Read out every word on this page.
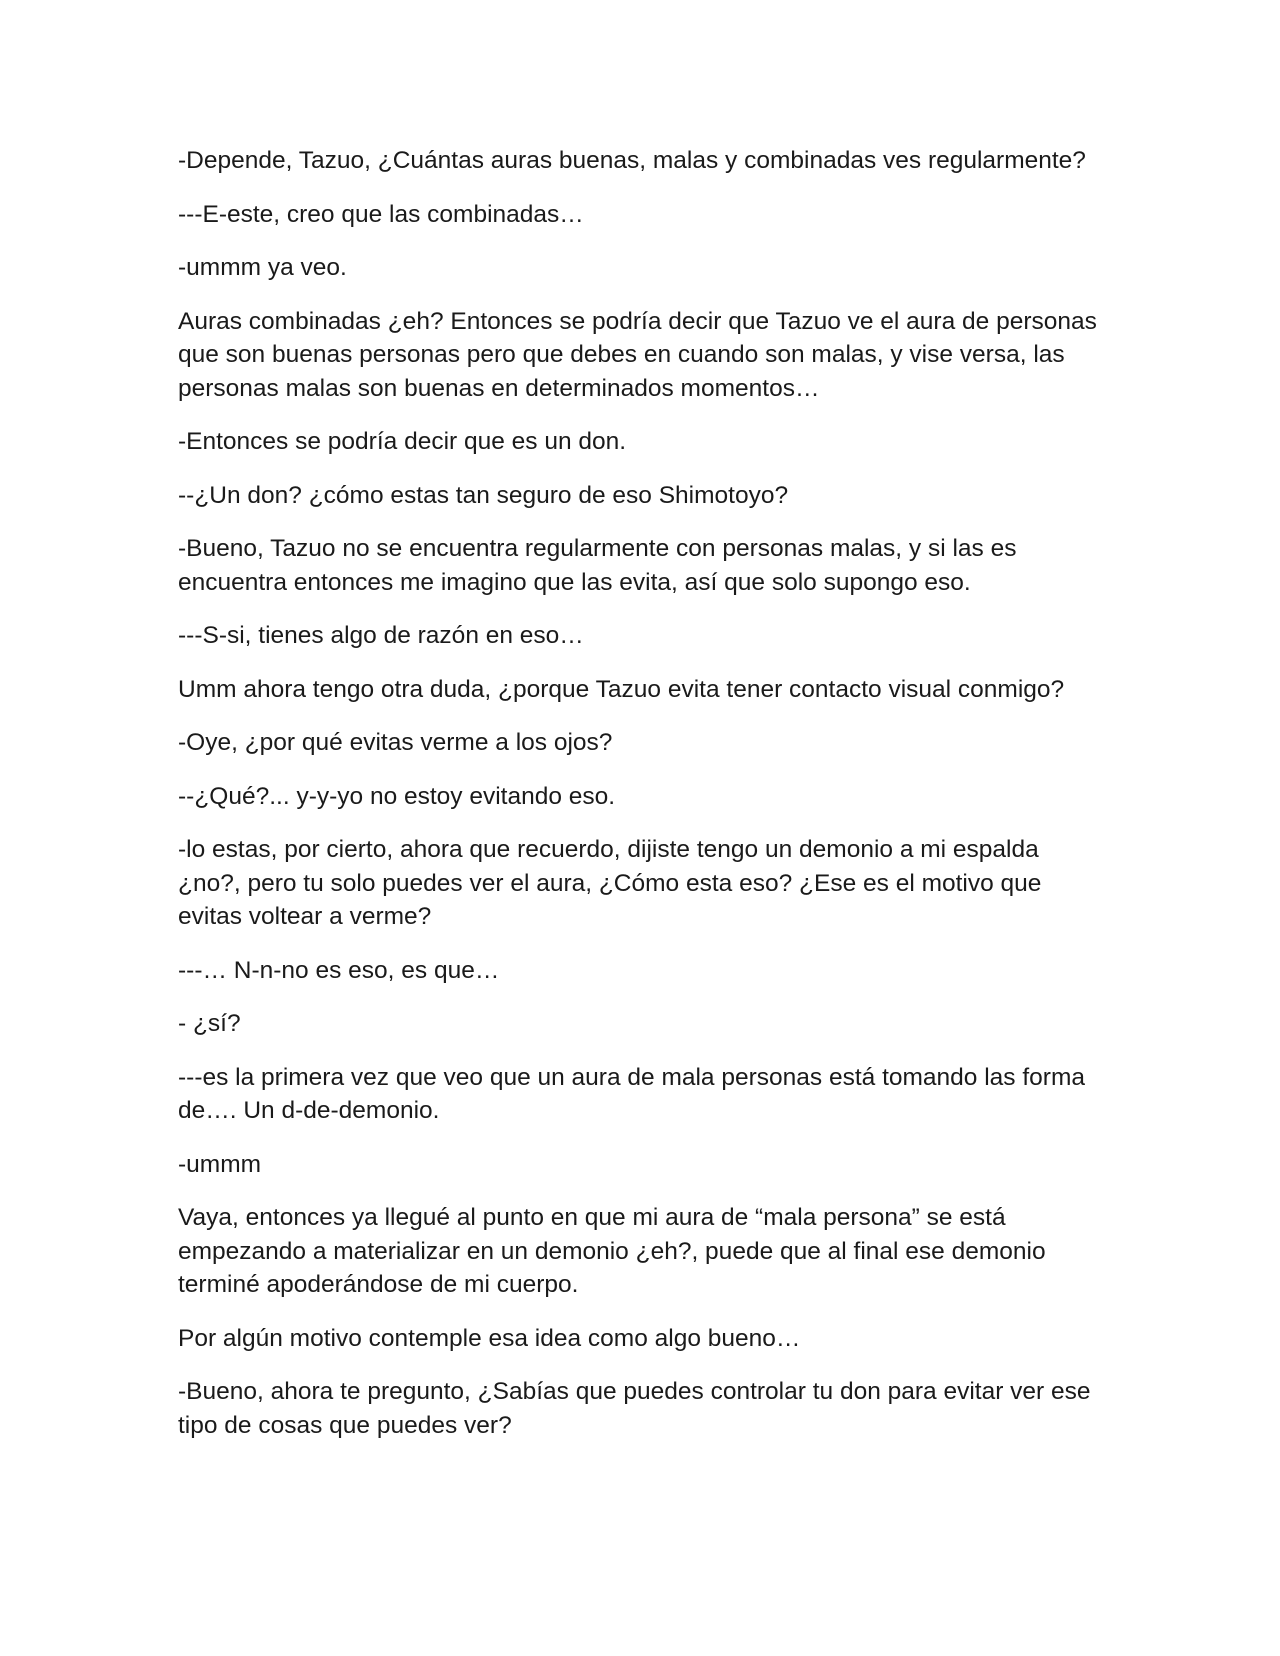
-Depende, Tazuo, ¿Cuántas auras buenas, malas y combinadas ves regularmente?

---E-este, creo que las combinadas…

-ummm ya veo.

Auras combinadas ¿eh? Entonces se podría decir que Tazuo ve el aura de personas que son buenas personas pero que debes en cuando son malas, y vise versa, las personas malas son buenas en determinados momentos…

-Entonces se podría decir que es un don.

--¿Un don? ¿cómo estas tan seguro de eso Shimotoyo?

-Bueno, Tazuo no se encuentra regularmente con personas malas, y si las es encuentra entonces me imagino que las evita, así que solo supongo eso.

---S-si, tienes algo de razón en eso…

Umm ahora tengo otra duda, ¿porque Tazuo evita tener contacto visual conmigo?

-Oye, ¿por qué evitas verme a los ojos?

--¿Qué?... y-y-yo no estoy evitando eso.

-lo estas, por cierto, ahora que recuerdo, dijiste tengo un demonio a mi espalda ¿no?, pero tu solo puedes ver el aura, ¿Cómo esta eso? ¿Ese es el motivo que evitas voltear a verme?

---… N-n-no es eso, es que…

- ¿sí?

---es la primera vez que veo que un aura de mala personas está tomando las forma de…. Un d-de-demonio.

-ummm

Vaya, entonces ya llegué al punto en que mi aura de “mala persona” se está empezando a materializar en un demonio ¿eh?, puede que al final ese demonio terminé apoderándose de mi cuerpo.

Por algún motivo contemple esa idea como algo bueno…

-Bueno, ahora te pregunto, ¿Sabías que puedes controlar tu don para evitar ver ese tipo de cosas que puedes ver?
